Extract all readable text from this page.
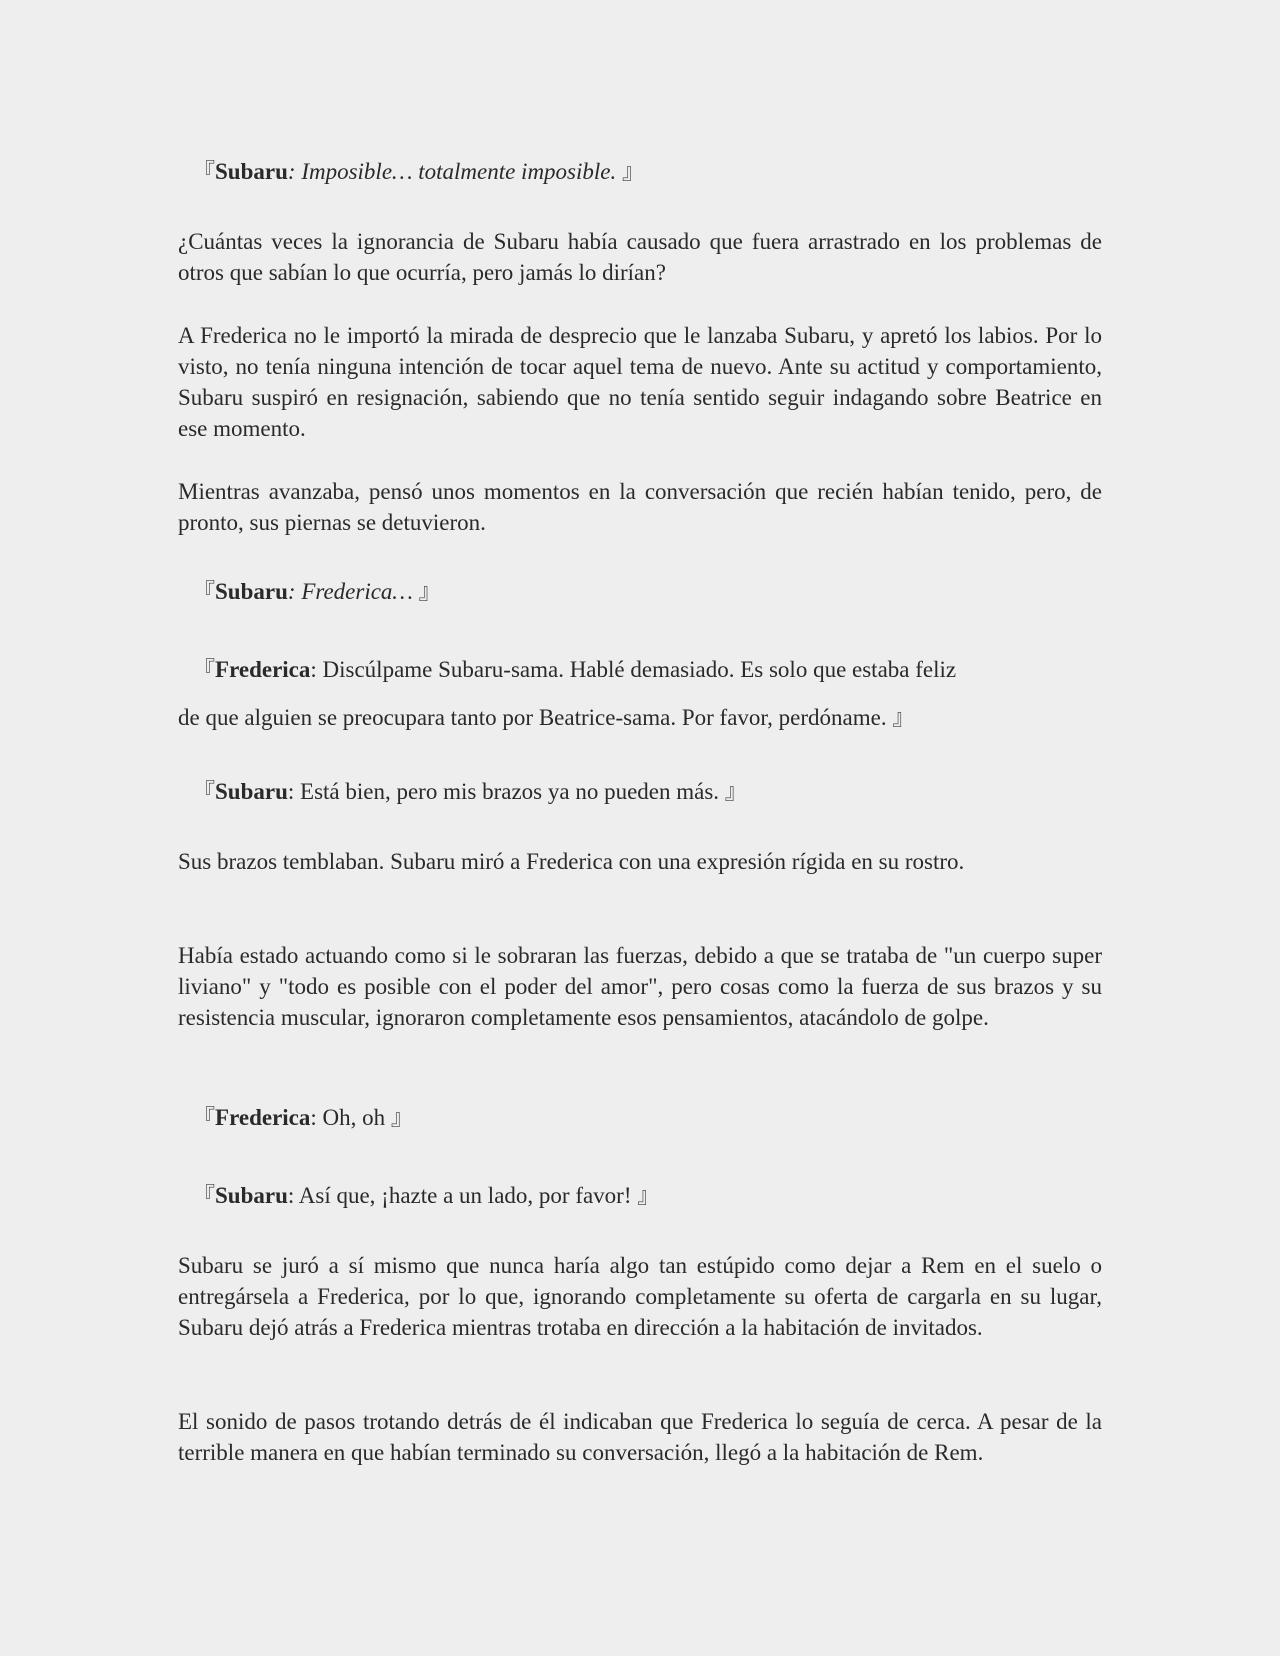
『Subaru: Imposible… totalmente imposible. 』

¿Cuántas veces la ignorancia de Subaru había causado que fuera arrastrado en los problemas de otros que sabían lo que ocurría, pero jamás lo dirían?

A Frederica no le importó la mirada de desprecio que le lanzaba Subaru, y apretó los labios. Por lo visto, no tenía ninguna intención de tocar aquel tema de nuevo. Ante su actitud y comportamiento, Subaru suspiró en resignación, sabiendo que no tenía sentido seguir indagando sobre Beatrice en ese momento.

Mientras avanzaba, pensó unos momentos en la conversación que recién habían tenido, pero, de pronto, sus piernas se detuvieron.

『Subaru: Frederica… 』

『Frederica: Discúlpame Subaru-sama. Hablé demasiado. Es solo que estaba feliz
de que alguien se preocupara tanto por Beatrice-sama. Por favor, perdóname. 』

『Subaru: Está bien, pero mis brazos ya no pueden más. 』

Sus brazos temblaban. Subaru miró a Frederica con una expresión rígida en su rostro.

Había estado actuando como si le sobraran las fuerzas, debido a que se trataba de "un cuerpo super liviano" y "todo es posible con el poder del amor", pero cosas como la fuerza de sus brazos y su resistencia muscular, ignoraron completamente esos pensamientos, atacándolo de golpe.

『Frederica: Oh, oh 』

『Subaru: Así que, ¡hazte a un lado, por favor! 』

Subaru se juró a sí mismo que nunca haría algo tan estúpido como dejar a Rem en el suelo o entregársela a Frederica, por lo que, ignorando completamente su oferta de cargarla en su lugar, Subaru dejó atrás a Frederica mientras trotaba en dirección a la habitación de invitados.

El sonido de pasos trotando detrás de él indicaban que Frederica lo seguía de cerca. A pesar de la terrible manera en que habían terminado su conversación, llegó a la habitación de Rem.
